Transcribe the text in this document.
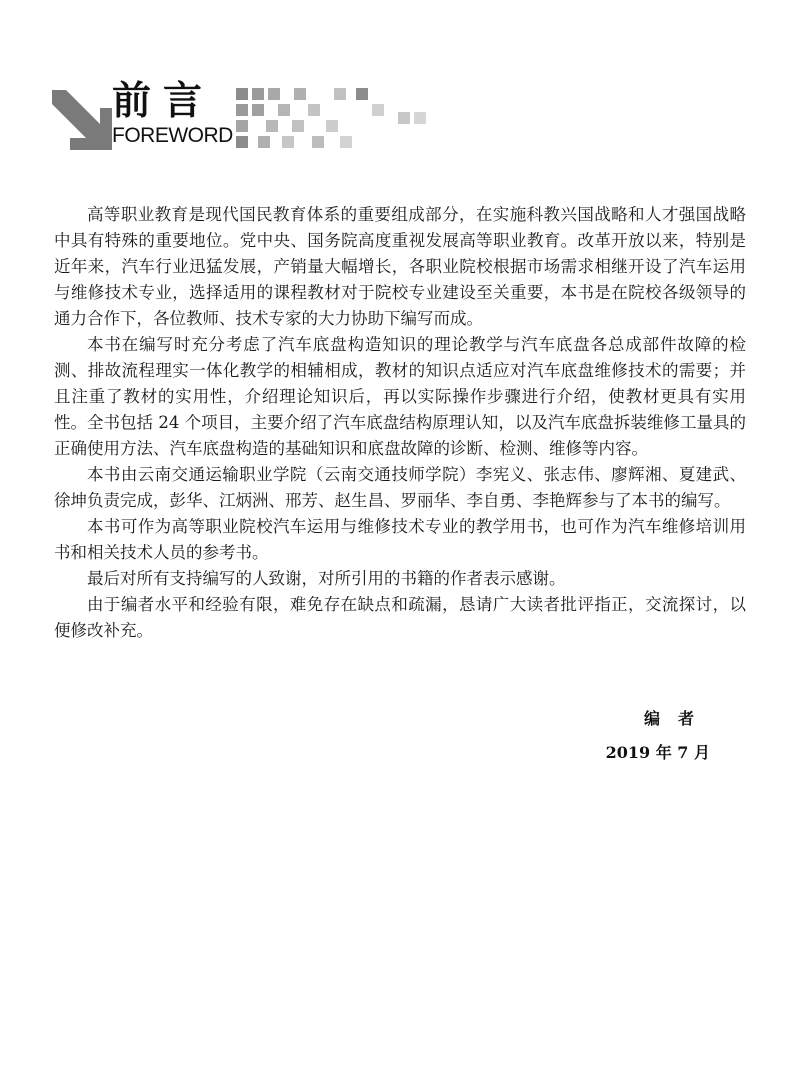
前言
FOREWORD

高等职业教育是现代国民教育体系的重要组成部分，在实施科教兴国战略和人才强国战略中具有特殊的重要地位。党中央、国务院高度重视发展高等职业教育。改革开放以来，特别是近年来，汽车行业迅猛发展，产销量大幅增长，各职业院校根据市场需求相继开设了汽车运用与维修技术专业，选择适用的课程教材对于院校专业建设至关重要，本书是在院校各级领导的通力合作下，各位教师、技术专家的大力协助下编写而成。

本书在编写时充分考虑了汽车底盘构造知识的理论教学与汽车底盘各总成部件故障的检测、排故流程理实一体化教学的相辅相成，教材的知识点适应对汽车底盘维修技术的需要；并且注重了教材的实用性，介绍理论知识后，再以实际操作步骤进行介绍，使教材更具有实用性。全书包括 24 个项目，主要介绍了汽车底盘结构原理认知，以及汽车底盘拆装维修工量具的正确使用方法、汽车底盘构造的基础知识和底盘故障的诊断、检测、维修等内容。

本书由云南交通运输职业学院（云南交通技师学院）李宪义、张志伟、廖辉湘、夏建武、徐坤负责完成，彭华、江炳洲、邢芳、赵生昌、罗丽华、李自勇、李艳辉参与了本书的编写。

本书可作为高等职业院校汽车运用与维修技术专业的教学用书，也可作为汽车维修培训用书和相关技术人员的参考书。

最后对所有支持编写的人致谢，对所引用的书籍的作者表示感谢。

由于编者水平和经验有限，难免存在缺点和疏漏，恳请广大读者批评指正，交流探讨，以便修改补充。

编者
2019 年 7 月
